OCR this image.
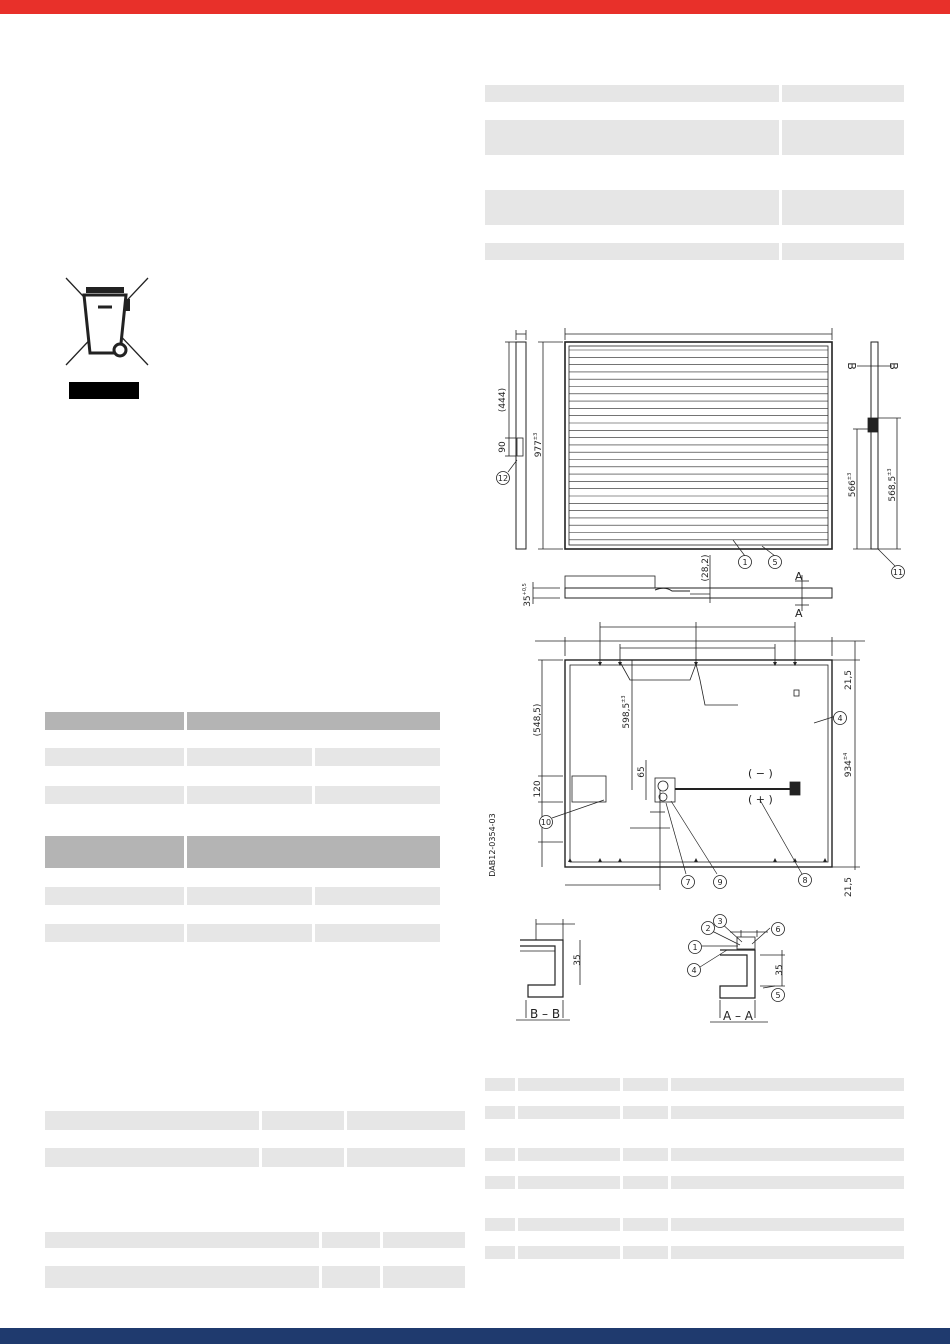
1	5
11
12
4
10
7	9	8
1
2
3
6
4
5
(444)
90	$977^{\pm 3}$
$566^{\pm 3}$	$568,5^{\pm 3}$
(28,2)
$35^{+0,5}$
(548,5)	$598,5^{\pm 3}$
65
120
$934^{\pm 4}$
21,5
21,5
35
35
DAB12-0354-03
A
A
B	B
( − )
( + )
B – B	A – A
